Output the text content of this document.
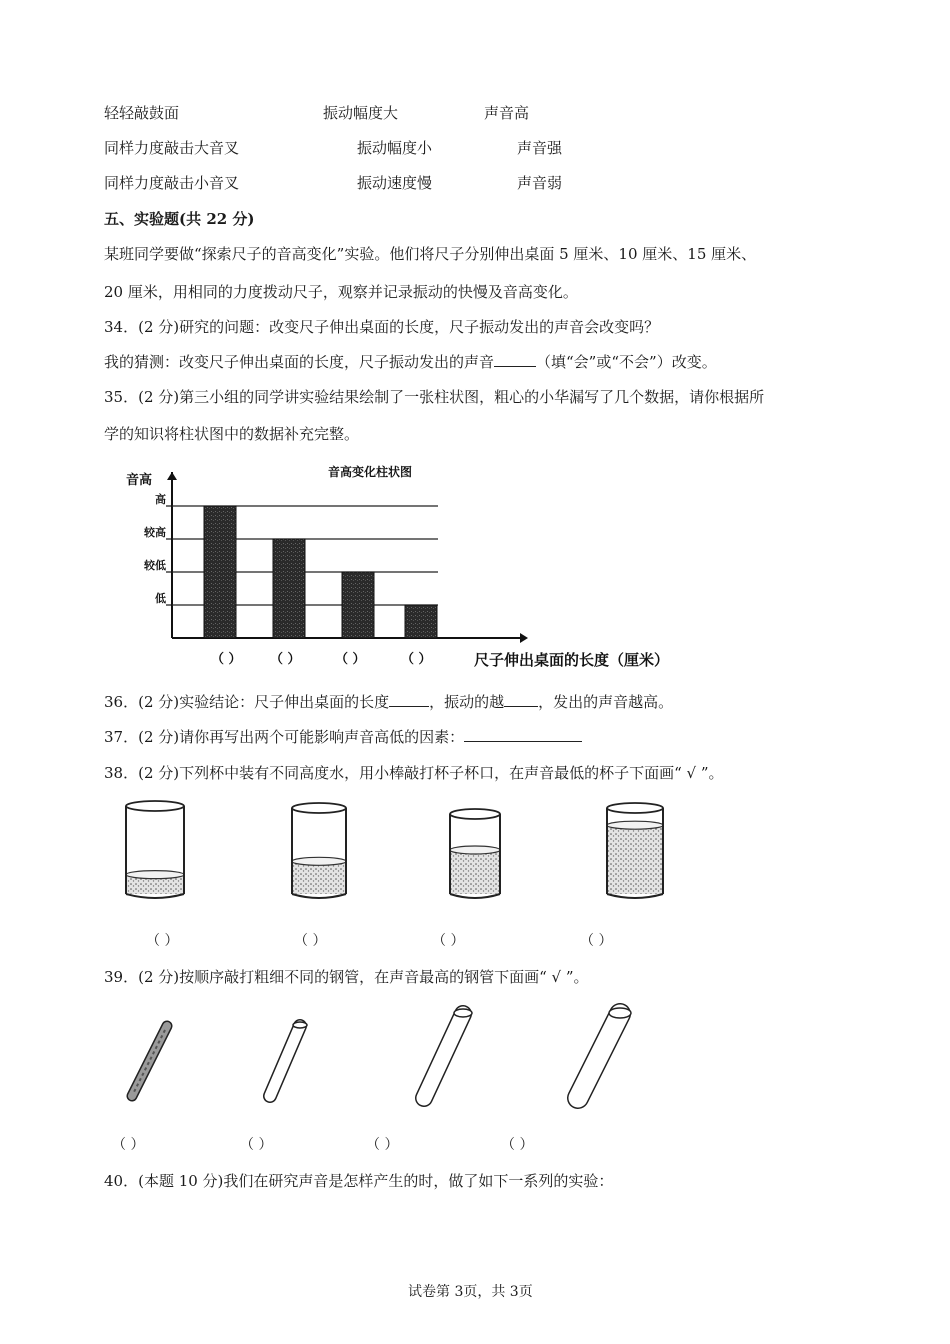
轻轻敲鼓面	振动幅度大	声音高
同样力度敲击大音叉	振动幅度小	声音强
同样力度敲击小音叉	振动速度慢	声音弱
五、实验题(共 22 分)
某班同学要做“探索尺子的音高变化”实验。他们将尺子分别伸出桌面 5 厘米、10 厘米、15 厘米、
20 厘米，用相同的力度拨动尺子，观察并记录振动的快慢及音高变化。
34．(2 分)研究的问题：改变尺子伸出桌面的长度，尺子振动发出的声音会改变吗？
我的猜测：改变尺子伸出桌面的长度，尺子振动发出的声音	（填“会”或“不会”）改变。
35．(2 分)第三小组的同学讲实验结果绘制了一张柱状图，粗心的小华漏写了几个数据，请你根据所
学的知识将柱状图中的数据补充完整。
低
较低
较高
高
音高
音高变化柱状图
（ ） （ ）	（ ）	（ ）	尺子伸出桌面的长度（厘米）
36．(2 分)实验结论：尺子伸出桌面的长度	，振动的越 ，发出的声音越高。
37．(2 分)请你再写出两个可能影响声音高低的因素：
38．(2 分)下列杯中装有不同高度水，用小棒敲打杯子杯口，在声音最低的杯子下面画“ √ ”。
（ ）	（ ）	（ ）	（ ）
39．(2 分)按顺序敲打粗细不同的钢管，在声音最高的钢管下面画“ √ ”。
（ ）	（ ）	（ ）	（ ）
40．(本题 10 分)我们在研究声音是怎样产生的时，做了如下一系列的实验：
试卷第 3页，共 3页
